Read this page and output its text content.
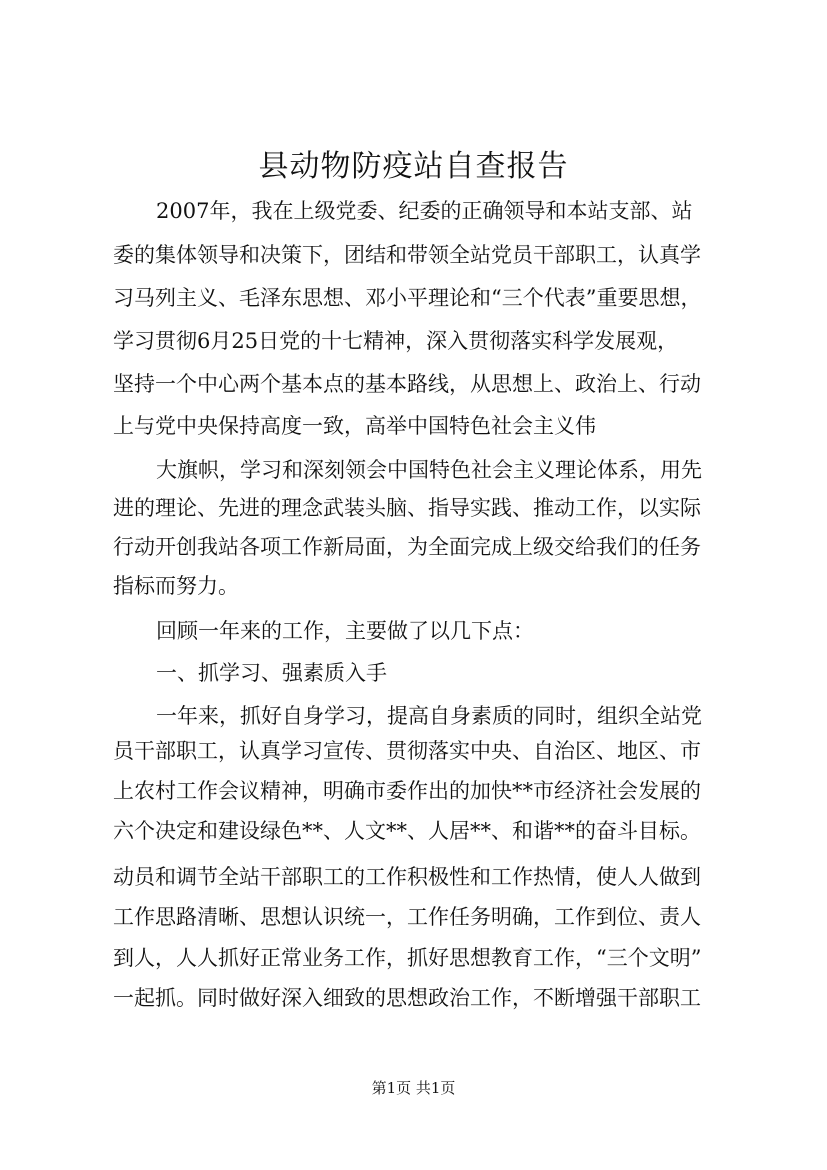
县动物防疫站自查报告

2007年，我在上级党委、纪委的正确领导和本站支部、站

委的集体领导和决策下，团结和带领全站党员干部职工，认真学

习马列主义、毛泽东思想、邓小平理论和“三个代表”重要思想，

学习贯彻6月25日党的十七精神，深入贯彻落实科学发展观，

坚持一个中心两个基本点的基本路线，从思想上、政治上、行动

上与党中央保持高度一致，高举中国特色社会主义伟

大旗帜，学习和深刻领会中国特色社会主义理论体系，用先

进的理论、先进的理念武装头脑、指导实践、推动工作，以实际

行动开创我站各项工作新局面，为全面完成上级交给我们的任务

指标而努力。

回顾一年来的工作，主要做了以几下点：

一、抓学习、强素质入手

一年来，抓好自身学习，提高自身素质的同时，组织全站党

员干部职工，认真学习宣传、贯彻落实中央、自治区、地区、市

上农村工作会议精神，明确市委作出的加快**市经济社会发展的

六个决定和建设绿色**、人文**、人居**、和谐**的奋斗目标。

动员和调节全站干部职工的工作积极性和工作热情，使人人做到

工作思路清晰、思想认识统一，工作任务明确，工作到位、责人

到人，人人抓好正常业务工作，抓好思想教育工作，“三个文明”

一起抓。同时做好深入细致的思想政治工作，不断增强干部职工

第1页 共1页
